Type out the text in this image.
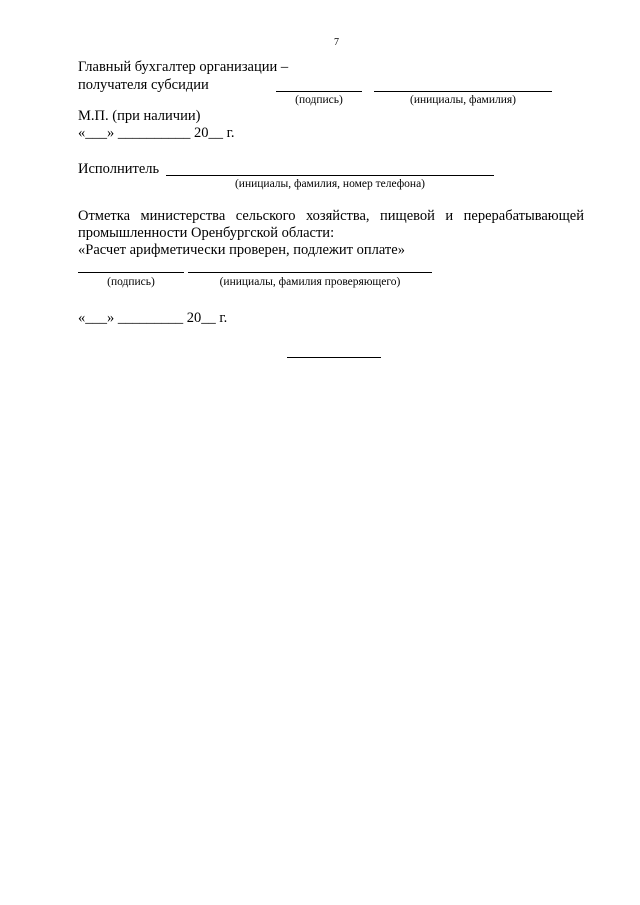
7
Главный бухгалтер организации –
получателя субсидии
(подпись)	(инициалы, фамилия)
М.П. (при наличии)
«___» __________ 20__ г.
Исполнитель
(инициалы, фамилия, номер телефона)
Отметка министерства сельского хозяйства, пищевой и перерабатывающей
промышленности Оренбургской области:
«Расчет арифметически проверен, подлежит оплате»
(подпись)	(инициалы, фамилия проверяющего)
«___» _________ 20__ г.
